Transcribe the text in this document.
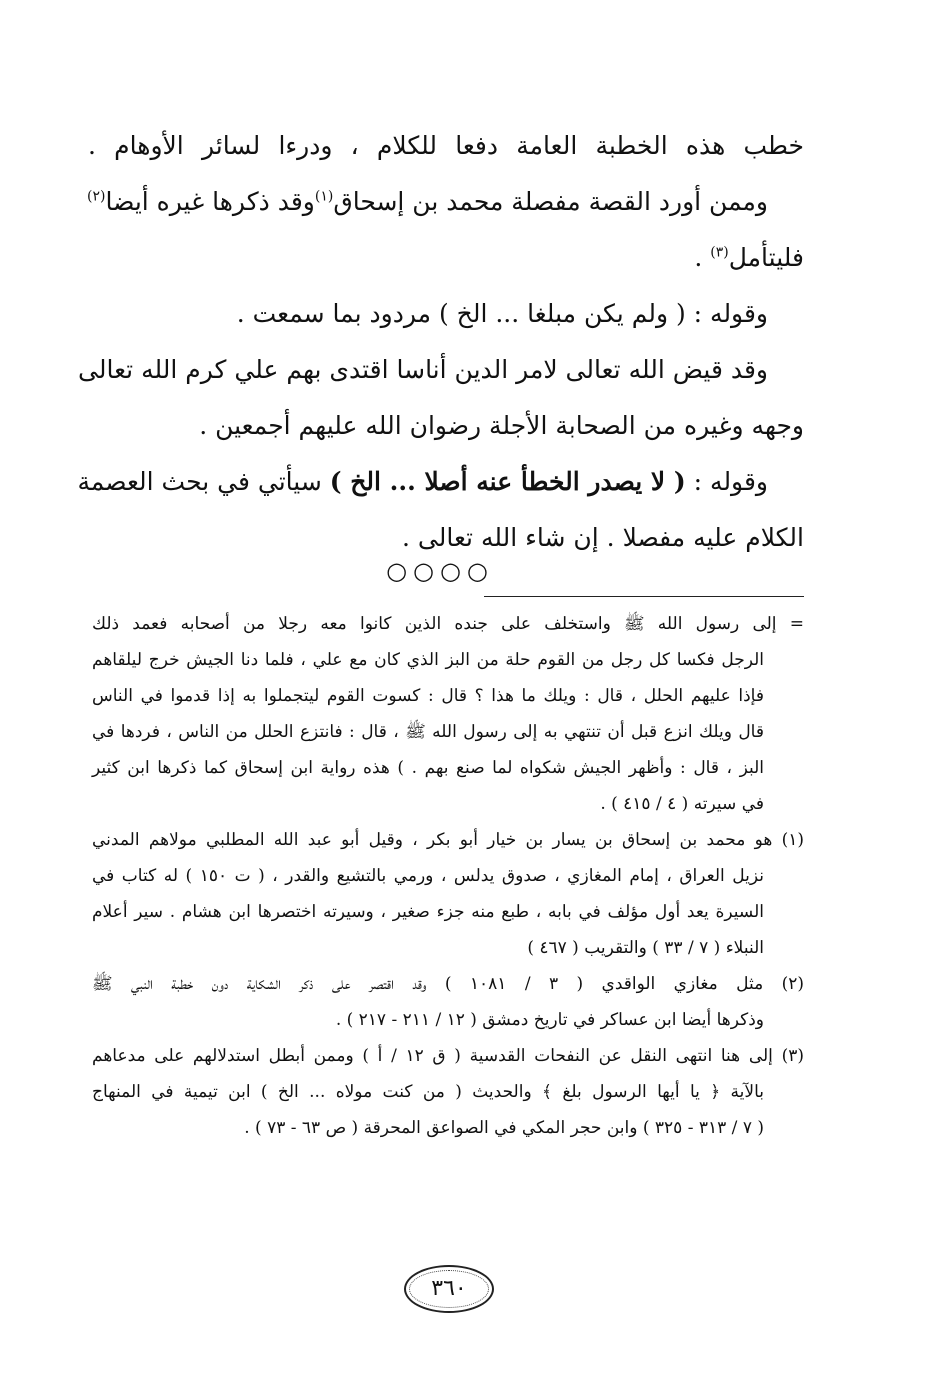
خطب هذه الخطبة العامة دفعا للكلام ، ودرءا لسائر الأوهام .
وممن أورد القصة مفصلة محمد بن إسحاق$^{(١)}$وقد ذكرها غيره أيضا$^{(٢)}$
فليتأمل$^{(٣)}$ .
وقوله : ( ولم يكن مبلغا ... الخ ) مردود بما سمعت .
وقد قيض الله تعالى لامر الدين أناسا اقتدى بهم علي كرم الله تعالى
وجهه وغيره من الصحابة الأجلة رضوان الله عليهم أجمعين .
وقوله : ( لا يصدر الخطأ عنه أصلا ... الخ ) سيأتي في بحث العصمة
الكلام عليه مفصلا . إن شاء الله تعالى .
○○○○
= إلى رسول الله ﷺ واستخلف على جنده الذين كانوا معه رجلا من أصحابه فعمد ذلك
الرجل فكسا كل رجل من القوم حلة من البز الذي كان مع علي ، فلما دنا الجيش خرج ليلقاهم
فإذا عليهم الحلل ، قال : ويلك ما هذا ؟ قال : كسوت القوم ليتجملوا به إذا قدموا في الناس
قال ويلك انزع قبل أن تنتهي به إلى رسول الله ﷺ ، قال : فانتزع الحلل من الناس ، فردها في
البز ، قال : وأظهر الجيش شكواه لما صنع بهم . ) هذه رواية ابن إسحاق كما ذكرها ابن كثير
في سيرته ( ٤ / ٤١٥ ) .
(١) هو محمد بن إسحاق بن يسار بن خيار أبو بكر ، وقيل أبو عبد الله المطلبي مولاهم المدني
نزيل العراق ، إمام المغازي ، صدوق يدلس ، ورمي بالتشيع والقدر ، ( ت ١٥٠ ) له كتاب في
السيرة يعد أول مؤلف في بابه ، طبع منه جزء صغير ، وسيرته اختصرها ابن هشام . سير أعلام
النبلاء ( ٧ / ٣٣ ) والتقريب ( ٤٦٧ )
(٢) مثل مغازي الواقدي ( ٣ / ١٠٨١ ) وقد اقتصر على ذكر الشكاية دون خطبة النبي ﷺ
وذكرها أيضا ابن عساكر في تاريخ دمشق ( ١٢ / ٢١١ - ٢١٧ ) .
(٣) إلى هنا انتهى النقل عن النفحات القدسية ( ق ١٢ / أ ) وممن أبطل استدلالهم على مدعاهم
بالآية ﴿ يا أيها الرسول بلغ ﴾ والحديث ( من كنت مولاه ... الخ ) ابن تيمية في المنهاج
( ٧ / ٣١٣ - ٣٢٥ ) وابن حجر المكي في الصواعق المحرقة ( ص ٦٣ - ٧٣ ) .
٣٦٠
